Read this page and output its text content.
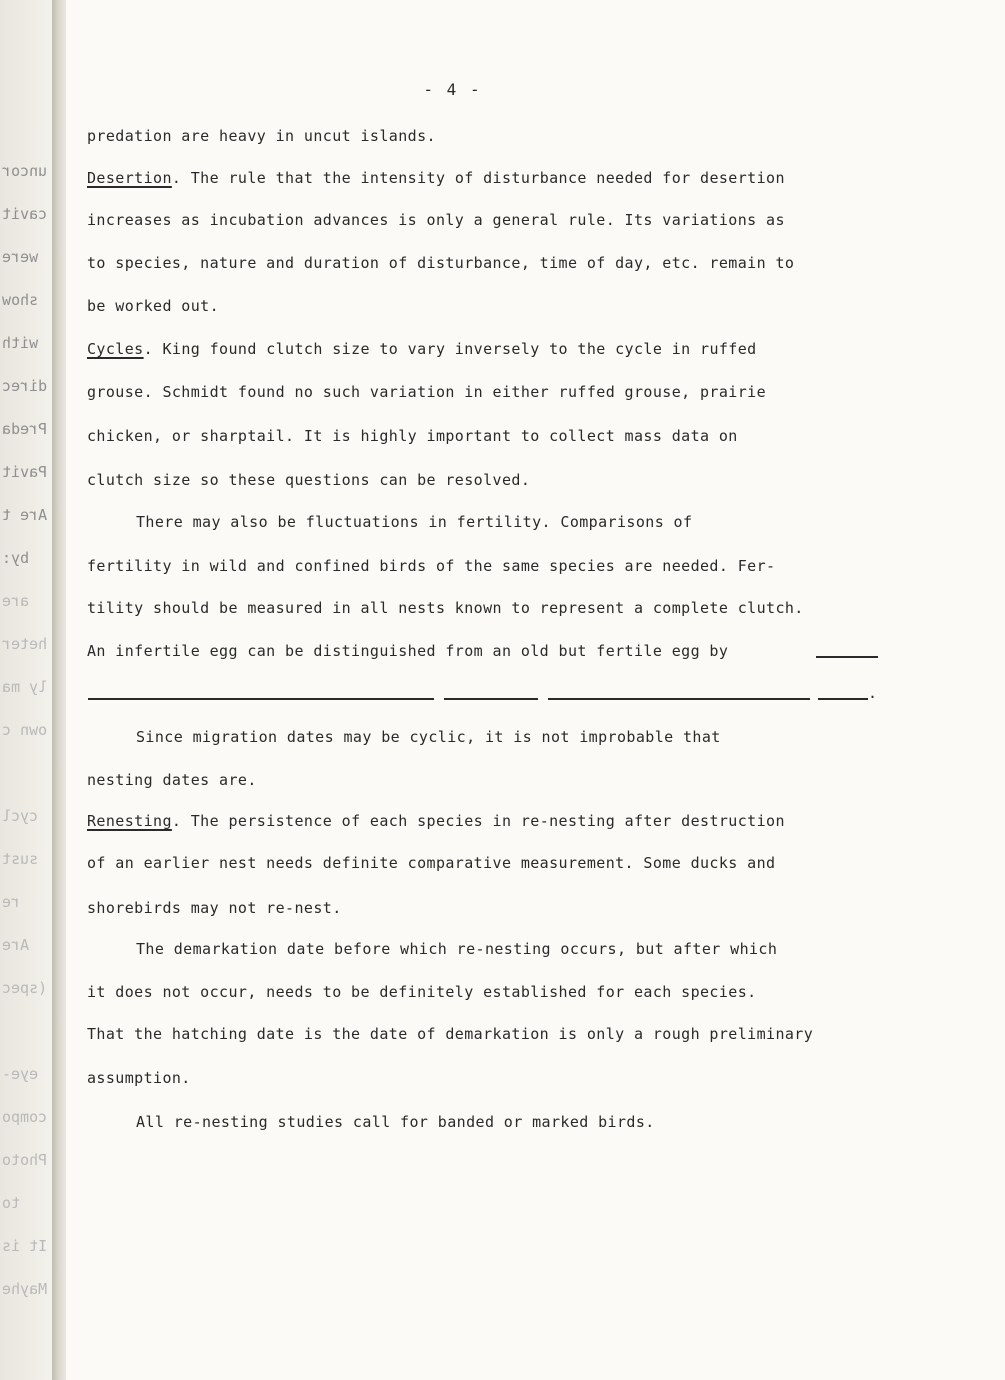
uncor
cavit
were
show
with
direc
Preda
Pavit
Are t
by:
are
heter
ly ma
own c
cycl
sust
re
Are
(spec
eye-
compo
Photo
to
It is
Mayhe
- 4 -
predation are heavy in uncut islands.
Desertion. The rule that the intensity of disturbance needed for desertion
increases as incubation advances is only a general rule. Its variations as
to species, nature and duration of disturbance, time of day, etc. remain to
be worked out.
Cycles. King found clutch size to vary inversely to the cycle in ruffed
grouse. Schmidt found no such variation in either ruffed grouse, prairie
chicken, or sharptail. It is highly important to collect mass data on
clutch size so these questions can be resolved.
There may also be fluctuations in fertility. Comparisons of
fertility in wild and confined birds of the same species are needed. Fer-
tility should be measured in all nests known to represent a complete clutch.
An infertile egg can be distinguished from an old but fertile egg by
.
Since migration dates may be cyclic, it is not improbable that
nesting dates are.
Renesting. The persistence of each species in re-nesting after destruction
of an earlier nest needs definite comparative measurement. Some ducks and
shorebirds may not re-nest.
The demarkation date before which re-nesting occurs, but after which
it does not occur, needs to be definitely established for each species.
That the hatching date is the date of demarkation is only a rough preliminary
assumption.
All re-nesting studies call for banded or marked birds.
